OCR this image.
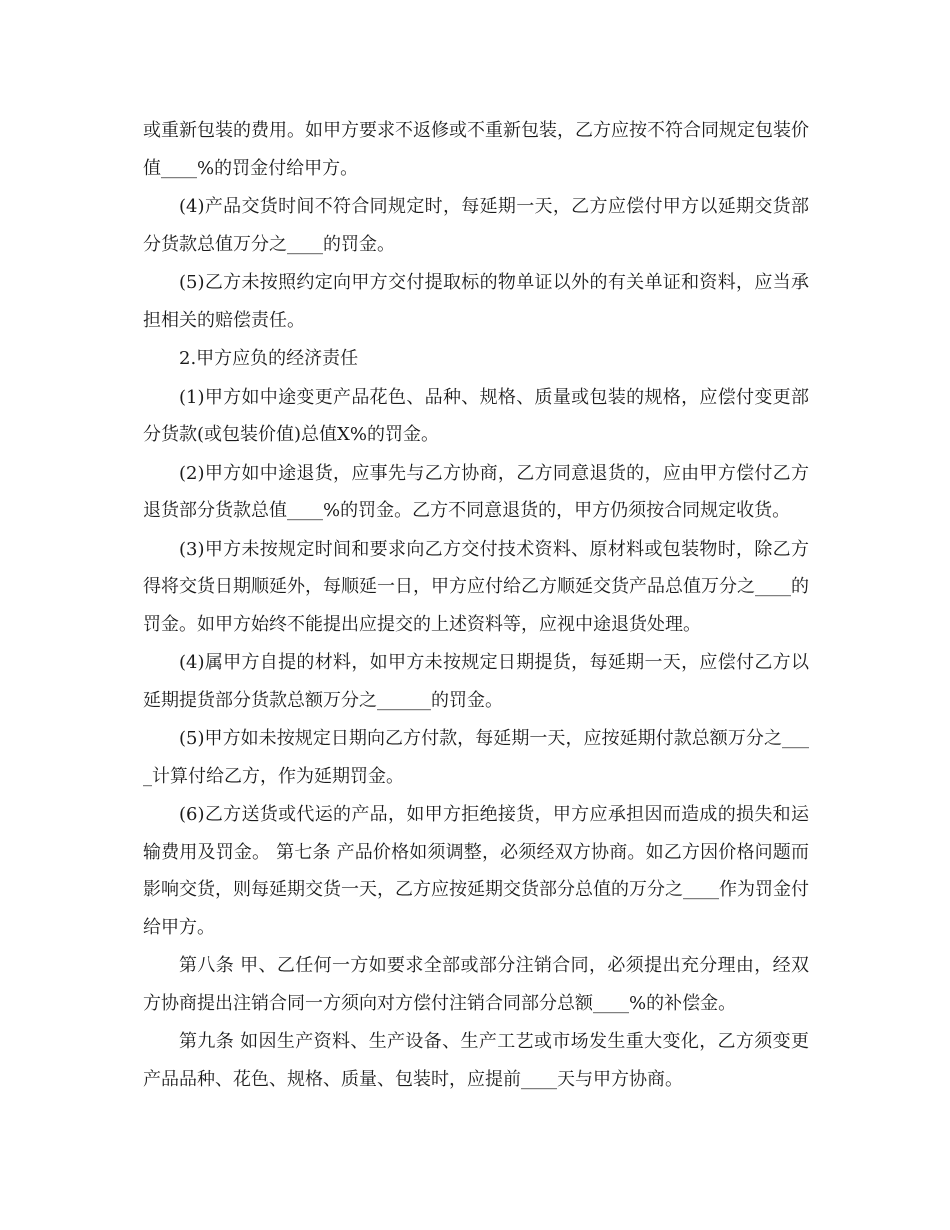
或重新包装的费用。如甲方要求不返修或不重新包装，乙方应按不符合同规定包装价值____%的罚金付给甲方。

(4)产品交货时间不符合同规定时，每延期一天，乙方应偿付甲方以延期交货部分货款总值万分之____的罚金。

(5)乙方未按照约定向甲方交付提取标的物单证以外的有关单证和资料，应当承担相关的赔偿责任。

2.甲方应负的经济责任

(1)甲方如中途变更产品花色、品种、规格、质量或包装的规格，应偿付变更部分货款(或包装价值)总值X%的罚金。

(2)甲方如中途退货，应事先与乙方协商，乙方同意退货的，应由甲方偿付乙方退货部分货款总值____%的罚金。乙方不同意退货的，甲方仍须按合同规定收货。

(3)甲方未按规定时间和要求向乙方交付技术资料、原材料或包装物时，除乙方得将交货日期顺延外，每顺延一日，甲方应付给乙方顺延交货产品总值万分之____的罚金。如甲方始终不能提出应提交的上述资料等，应视中途退货处理。

(4)属甲方自提的材料，如甲方未按规定日期提货，每延期一天，应偿付乙方以延期提货部分货款总额万分之______的罚金。

(5)甲方如未按规定日期向乙方付款，每延期一天，应按延期付款总额万分之____计算付给乙方，作为延期罚金。

(6)乙方送货或代运的产品，如甲方拒绝接货，甲方应承担因而造成的损失和运输费用及罚金。 第七条 产品价格如须调整，必须经双方协商。如乙方因价格问题而影响交货，则每延期交货一天，乙方应按延期交货部分总值的万分之____作为罚金付给甲方。

第八条 甲、乙任何一方如要求全部或部分注销合同，必须提出充分理由，经双方协商提出注销合同一方须向对方偿付注销合同部分总额____%的补偿金。

第九条 如因生产资料、生产设备、生产工艺或市场发生重大变化，乙方须变更产品品种、花色、规格、质量、包装时，应提前____天与甲方协商。
